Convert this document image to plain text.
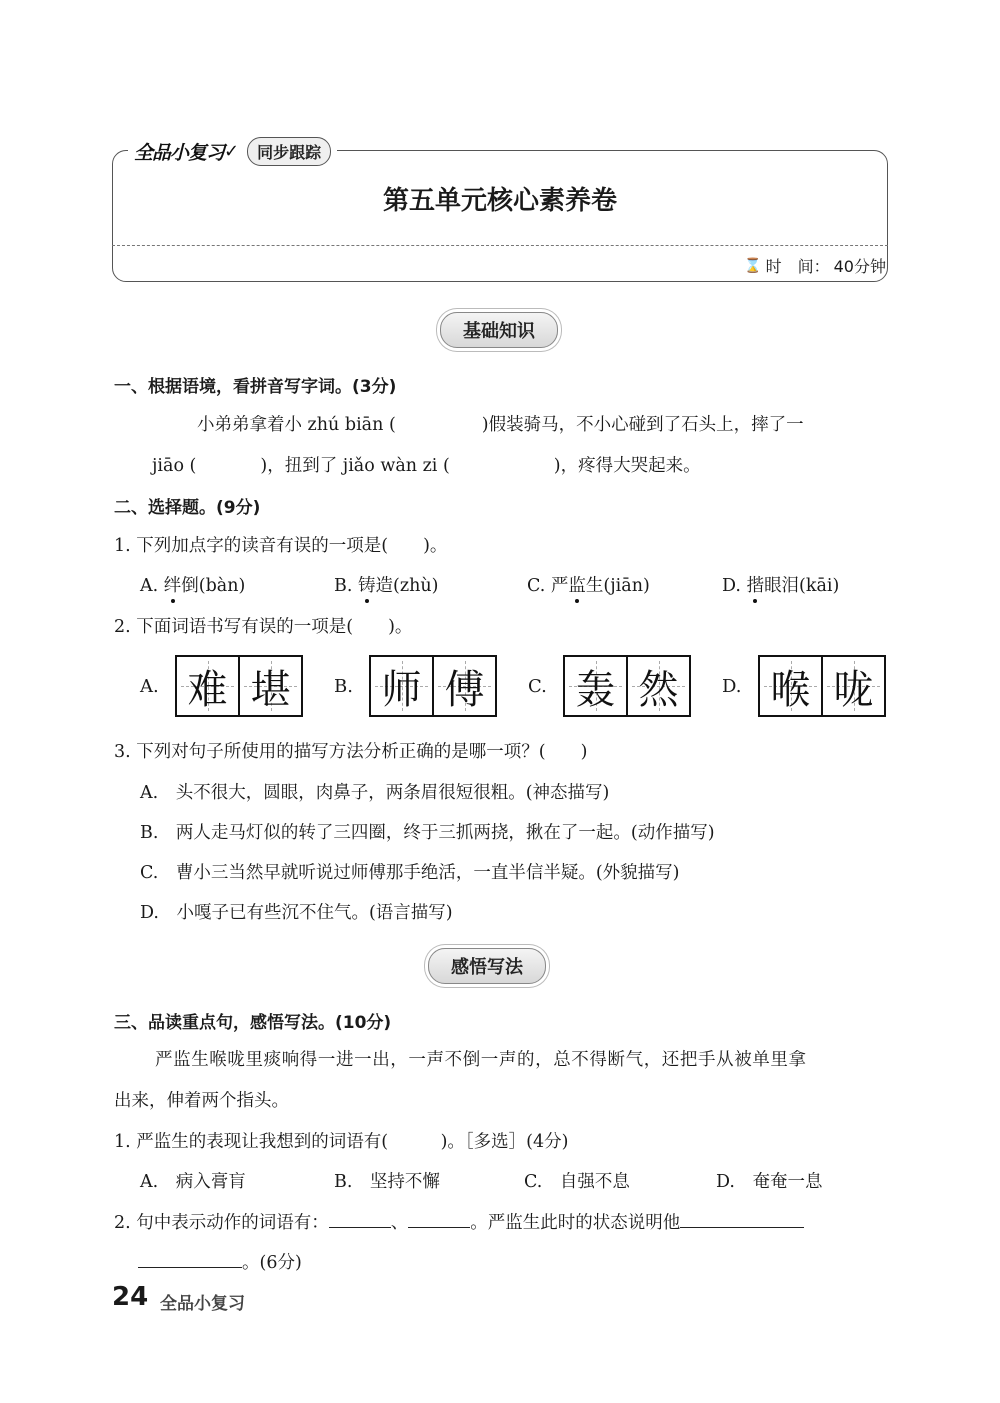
全品小复习 ✓	同步跟踪
第五单元核心素养卷
⌛ 时　间： 40分钟
基础知识
一、根据语境，看拼音写字词。(3分)
小弟弟拿着小 zhú biān (	)假装骑马，不小心碰到了石头上，摔了一
jiāo (	)，扭到了 jiǎo wàn zi (	)，疼得大哭起来。
二、选择题。(9分)
1. 下列加点字的读音有误的一项是(　　)。
A. 绊倒(bàn)	B. 铸造(zhù)	C. 严监生(jiān)	D. 揩眼泪(kāi)
2. 下面词语书写有误的一项是(　　)。
A. 难 堪 B. 师 傅 C. 轰 然 D. 喉 咙
3. 下列对句子所使用的描写方法分析正确的是哪一项？(　　)
A.　头不很大，圆眼，肉鼻子，两条眉很短很粗。(神态描写)
B.　两人走马灯似的转了三四圈，终于三抓两挠，揪在了一起。(动作描写)
C.　曹小三当然早就听说过师傅那手绝活，一直半信半疑。(外貌描写)
D.　小嘎子已有些沉不住气。(语言描写)
感悟写法
三、品读重点句，感悟写法。(10分)
严监生喉咙里痰响得一进一出，一声不倒一声的，总不得断气，还把手从被单里拿
出来，伸着两个指头。
1. 严监生的表现让我想到的词语有(　　　)。［多选］(4分)
A.　病入膏肓	B.　坚持不懈	C.　自强不息	D.　奄奄一息
2. 句中表示动作的词语有：	、	。严监生此时的状态说明他
。(6分)
24 全品小复习
